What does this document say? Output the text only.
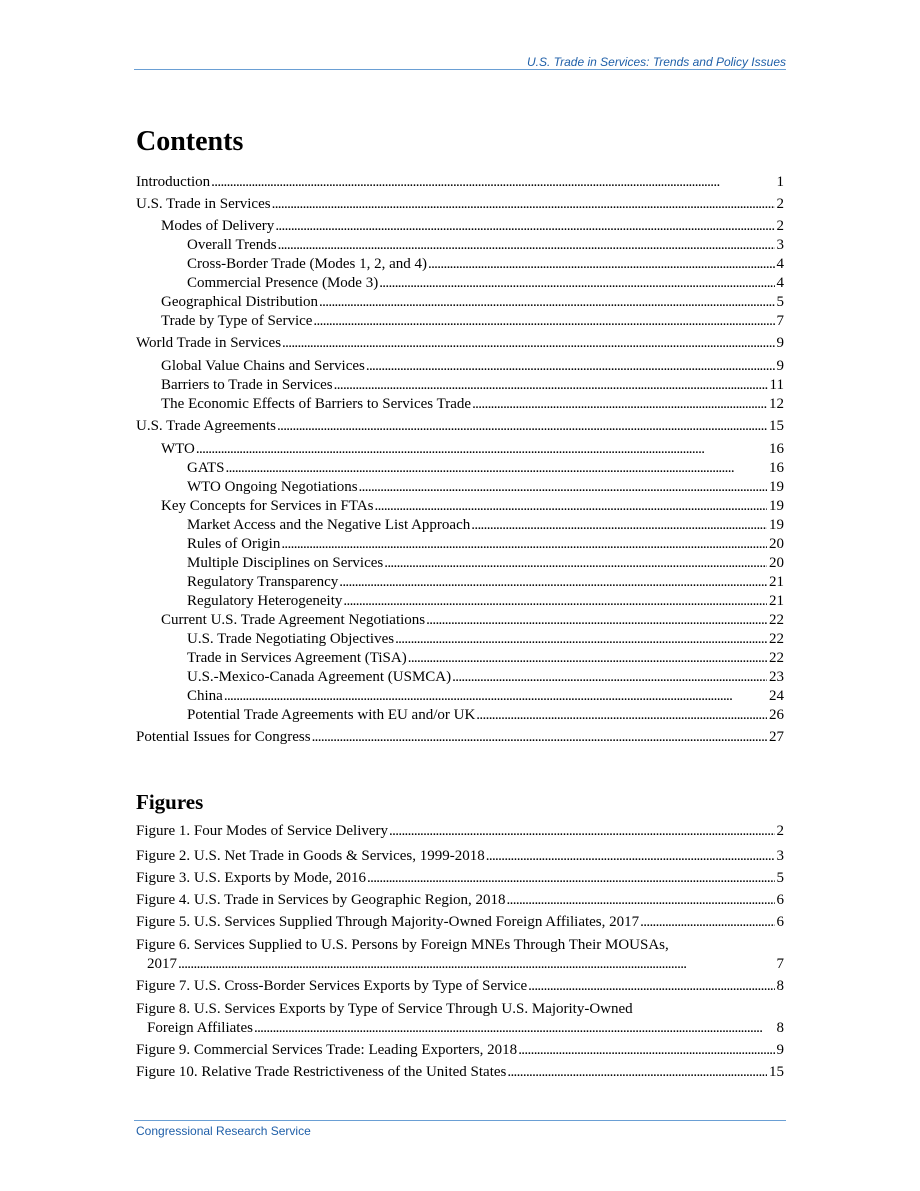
U.S. Trade in Services: Trends and Policy Issues
Contents
Introduction . . .	1
U.S. Trade in Services . . .	2
Modes of Delivery . . .	2
Overall Trends . . .	3
Cross-Border Trade (Modes 1, 2, and 4) . . .	4
Commercial Presence (Mode 3) . . .	4
Geographical Distribution . . .	5
Trade by Type of Service . . .	7
World Trade in Services . . .	9
Global Value Chains and Services . . .	9
Barriers to Trade in Services . . .	11
The Economic Effects of Barriers to Services Trade . . .	12
U.S. Trade Agreements . . .	15
WTO . . .	16
GATS . . .	16
WTO Ongoing Negotiations . . .	19
Key Concepts for Services in FTAs . . .	19
Market Access and the Negative List Approach . . .	19
Rules of Origin . . .	20
Multiple Disciplines on Services . . .	20
Regulatory Transparency . . .	21
Regulatory Heterogeneity . . .	21
Current U.S. Trade Agreement Negotiations . . .	22
U.S. Trade Negotiating Objectives . . .	22
Trade in Services Agreement (TiSA) . . .	22
U.S.-Mexico-Canada Agreement (USMCA) . . .	23
China . . .	24
Potential Trade Agreements with EU and/or UK . . .	26
Potential Issues for Congress . . .	27
Figures
Figure 1. Four Modes of Service Delivery . . .	2
Figure 2. U.S. Net Trade in Goods & Services, 1999-2018 . . .	3
Figure 3. U.S. Exports by Mode, 2016 . . .	5
Figure 4. U.S. Trade in Services by Geographic Region, 2018 . . .	6
Figure 5. U.S. Services Supplied Through Majority-Owned Foreign Affiliates, 2017 . . .	6
Figure 6. Services Supplied to U.S. Persons by Foreign MNEs Through Their MOUSAs,
2017 . . .	7
Figure 7. U.S. Cross-Border Services Exports by Type of Service . . .	8
Figure 8. U.S. Services Exports by Type of Service Through U.S. Majority-Owned
Foreign Affiliates . . .	8
Figure 9. Commercial Services Trade: Leading Exporters, 2018 . . .	9
Figure 10. Relative Trade Restrictiveness of the United States . . .	15
Congressional Research Service
